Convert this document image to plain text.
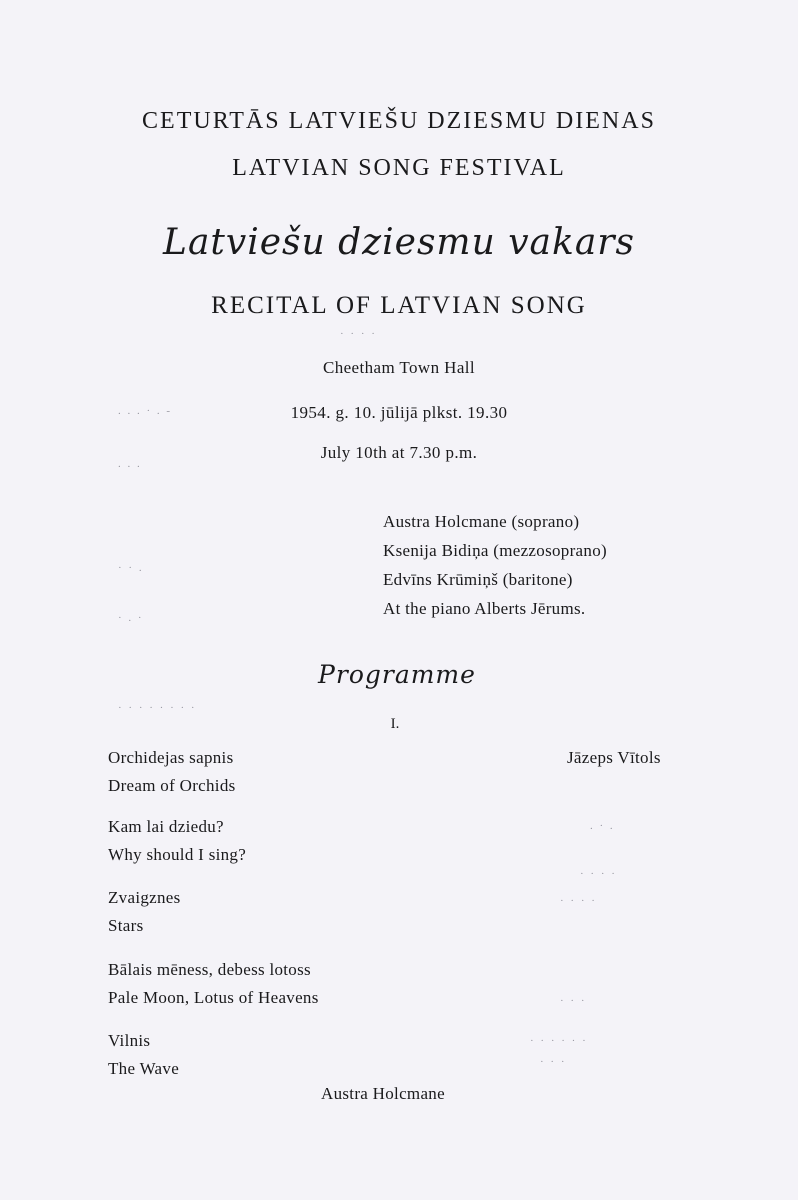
CETURTĀS LATVIEŠU DZIESMU DIENAS
LATVIAN SONG FESTIVAL
Latviešu dziesmu vakars
RECITAL OF LATVIAN SONG
Cheetham Town Hall
1954. g. 10. jūlijā plkst. 19.30
July 10th at 7.30 p.m.
Austra Holcmane (soprano)
Ksenija Bidiņa (mezzosoprano)
Edvīns Krūmiņš (baritone)
At the piano Alberts Jērums.
Programme
I.
Jāzeps Vītols
Orchidejas sapnis
Dream of Orchids
Kam lai dziedu?
Why should I sing?
Zvaigznes
Stars
Bālais mēness, debess lotoss
Pale Moon, Lotus of Heavens
Vilnis
The Wave
Austra Holcmane
. . . · . -
. . .
· · .
· . ·
· · · · · · · ·
· · · ·
. · .
· · · ·
· · · ·
· · ·
· · · · · ·
· · ·
